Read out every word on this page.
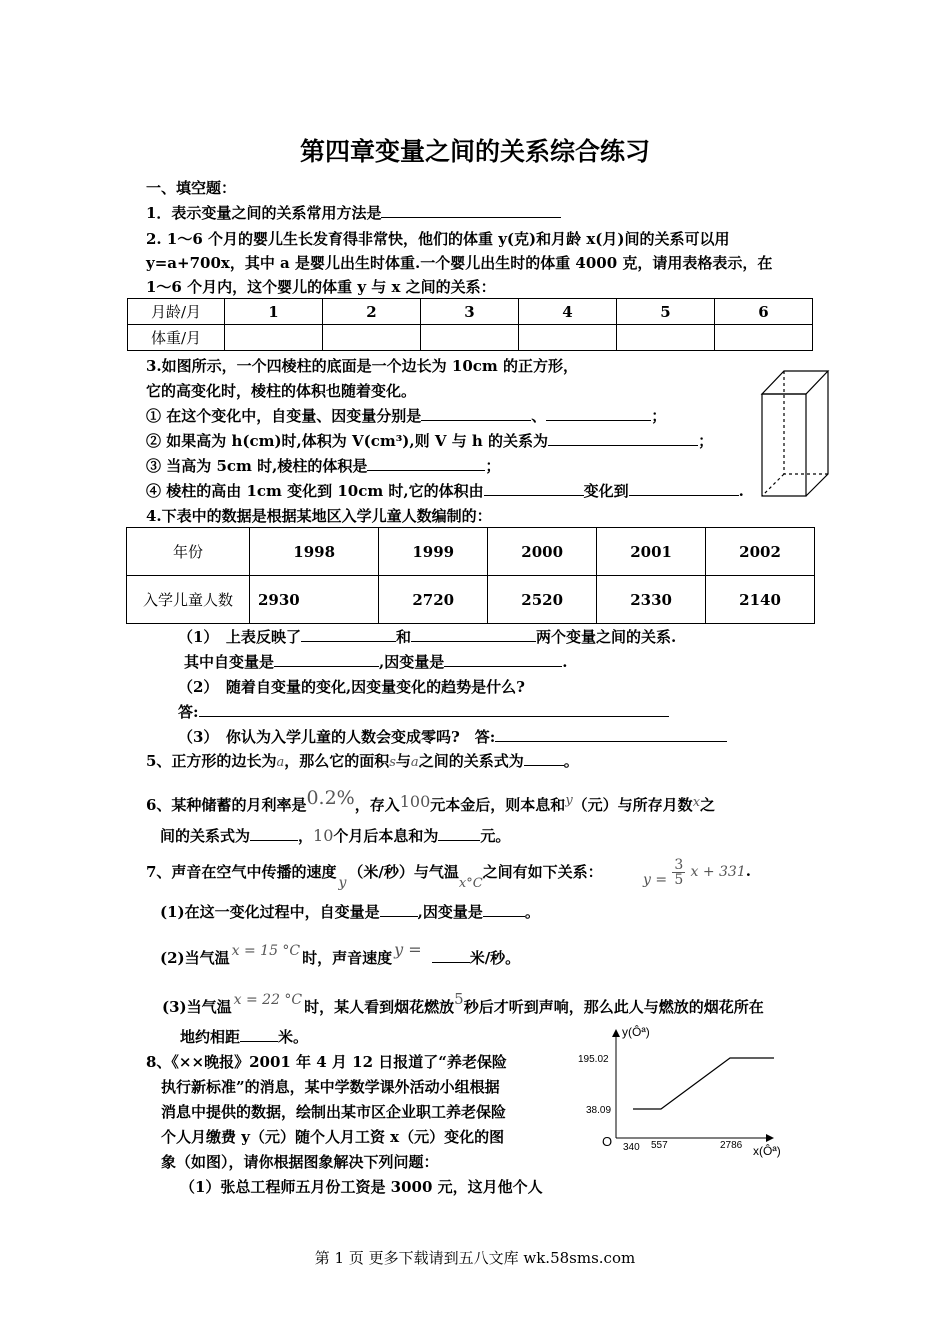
第四章变量之间的关系综合练习
一、填空题：
1．表示变量之间的关系常用方法是
2. 1～6 个月的婴儿生长发育得非常快，他们的体重 y(克)和月龄 x(月)间的关系可以用
y=a+700x，其中 a 是婴儿出生时体重.一个婴儿出生时的体重 4000 克，请用表格表示，在
1～6 个月内，这个婴儿的体重 y 与 x 之间的关系：
月龄/月	1	2	3	4	5	6
体重/月						
3.如图所示，一个四棱柱的底面是一个边长为 10cm 的正方形，
它的高变化时，棱柱的体积也随着变化。
① 在这个变化中，自变量、因变量分别是	、	；
② 如果高为 h(cm)时,体积为 V(cm³),则 V 与 h 的关系为	；
③ 当高为 5cm 时,棱柱的体积是	；
④ 棱柱的高由 1cm 变化到 10cm 时,它的体积由	变化到	.
4.下表中的数据是根据某地区入学儿童人数编制的：
年份	1998	1999	2000	2001	2002
入学儿童人数	2930	2720	2520	2330	2140
（1）　上表反映了	和	两个变量之间的关系.
其中自变量是	,因变量是	.
（2）　随着自变量的变化,因变量变化的趋势是什么?
答:
（3）　你认为入学儿童的人数会变成零吗?　答:
5、正方形的边长为a，那么它的面积s与a之间的关系式为	。
6、某种储蓄的月利率是0.2%，存入100元本金后，则本息和y（元）与所存月数x之
间的关系式为	，10个月后本息和为	元。
7、声音在空气中传播的速度y（米/秒）与气温x°C之间有如下关系：	$y = \frac{3}{5}$ x + 331.
(1)在这一变化过程中，自变量是	,因变量是	。
(2)当气温 x = 15 °C 时，声音速度 y =	米/秒。
(3)当气温 x = 22 °C 时，某人看到烟花燃放5秒后才听到声响，那么此人与燃放的烟花所在
地约相距	米。
8、《××晚报》2001 年 4 月 12 日报道了“养老保险
执行新标准”的消息，某中学数学课外活动小组根据
消息中提供的数据，绘制出某市区企业职工养老保险
个人月缴费 y（元）随个人月工资 x（元）变化的图
象（如图），请你根据图象解决下列问题：
（1）张总工程师五月份工资是 3000 元，这月他个人
y(Ôª)
x(Ôª)
O 340 557	2786
195.02
38.09
第 1 页 更多下载请到五八文库 wk.58sms.com
